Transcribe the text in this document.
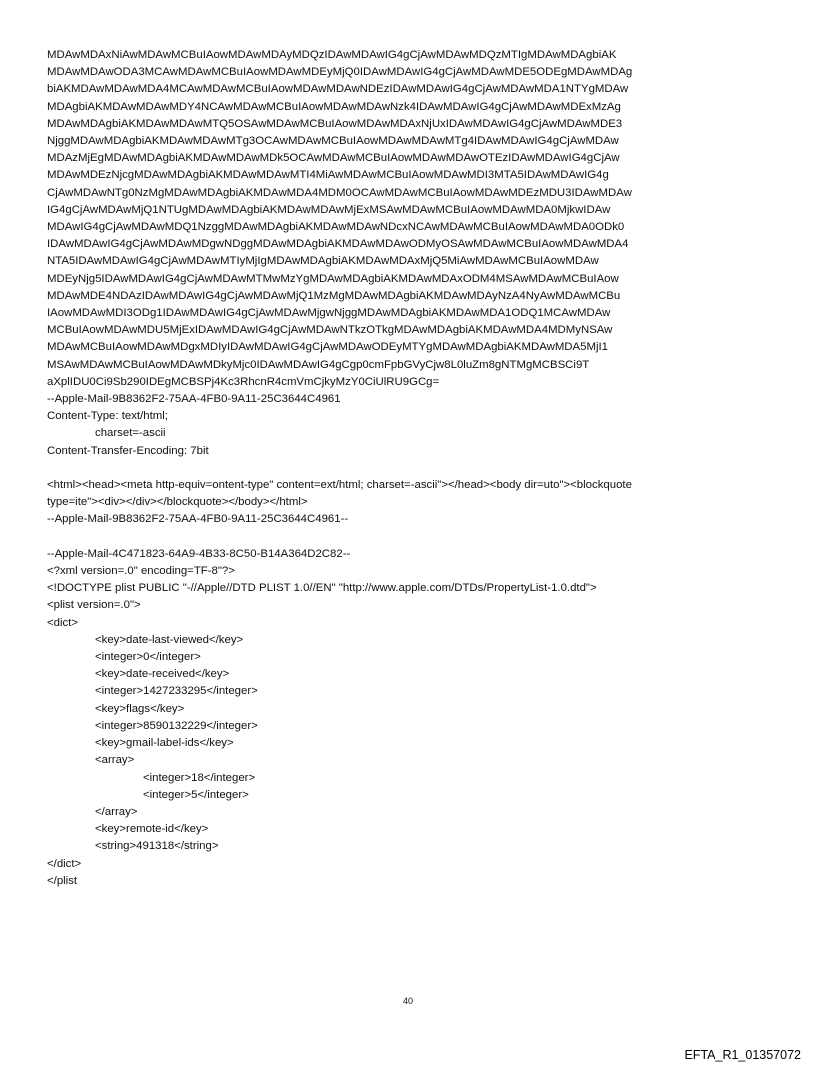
MDAwMDAxNiAwMDAwMCBuIAowMDAwMDAyMDQzIDAwMDAwIG4gCjAwMDAwMDQzMTIgMDAwMDAgbiAK
MDAwMDAwODA3MCAwMDAwMCBuIAowMDAwMDEyMjQ0IDAwMDAwIG4gCjAwMDAwMDE5ODEgMDAwMDAg
biAKMDAwMDAwMDA4MCAwMDAwMCBuIAowMDAwMDAwNDEzIDAwMDAwIG4gCjAwMDAwMDA1NTYgMDAw
MDAgbiAKMDAwMDAwMDY4NCAwMDAwMCBuIAowMDAwMDAwNzk4IDAwMDAwIG4gCjAwMDAwMDExMzAg
MDAwMDAgbiAKMDAwMDAwMTQ5OSAwMDAwMCBuIAowMDAwMDAxNjUxIDAwMDAwIG4gCjAwMDAwMDE3
NjggMDAwMDAgbiAKMDAwMDAwMTg3OCAwMDAwMCBuIAowMDAwMDAwMTg4IDAwMDAwIG4gCjAwMDAw
MDAzMjEgMDAwMDAgbiAKMDAwMDAwMDk5OCAwMDAwMCBuIAowMDAwMDAwOTEzIDAwMDAwIG4gCjAw
MDAwMDEzNjcgMDAwMDAgbiAKMDAwMDAwMTI4MiAwMDAwMCBuIAowMDAwMDI3MTA5IDAwMDAwIG4g
CjAwMDAwNTg0NzMgMDAwMDAgbiAKMDAwMDA4MDM0OCAwMDAwMCBuIAowMDAwMDEzMDU3IDAwMDAw
IG4gCjAwMDAwMjQ1NTUgMDAwMDAgbiAKMDAwMDAwMjExMSAwMDAwMCBuIAowMDAwMDA0MjkwIDAw
MDAwIG4gCjAwMDAwMDQ1NzggMDAwMDAgbiAKMDAwMDAwNDcxNCAwMDAwMCBuIAowMDAwMDA0ODk0
IDAwMDAwIG4gCjAwMDAwMDgwNDggMDAwMDAgbiAKMDAwMDAwODMyOSAwMDAwMCBuIAowMDAwMDA4
NTA5IDAwMDAwIG4gCjAwMDAwMTIyMjIgMDAwMDAgbiAKMDAwMDAxMjQ5MiAwMDAwMCBuIAowMDAw
MDEyNjg5IDAwMDAwIG4gCjAwMDAwMTMwMzYgMDAwMDAgbiAKMDAwMDAxODM4MSAwMDAwMCBuIAow
MDAwMDE4NDAzIDAwMDAwIG4gCjAwMDAwMjQ1MzMgMDAwMDAgbiAKMDAwMDAyNzA4NyAwMDAwMCBu
IAowMDAwMDI3ODg1IDAwMDAwIG4gCjAwMDAwMjgwNjggMDAwMDAgbiAKMDAwMDA1ODQ1MCAwMDAw
MCBuIAowMDAwMDU5MjExIDAwMDAwIG4gCjAwMDAwNTkzOTkgMDAwMDAgbiAKMDAwMDA4MDMyNSAw
MDAwMCBuIAowMDAwMDgxMDIyIDAwMDAwIG4gCjAwMDAwODEyMTYgMDAwMDAgbiAKMDAwMDA5MjI1
MSAwMDAwMCBuIAowMDAwMDkyMjc0IDAwMDAwIG4gCgp0cmFpbGVyCjw8L0luZm8gNTMgMCBSCi9T
aXplIDU0Ci9Sb290IDEgMCBSPj4Kc3RhcnR4cmVmCjkyMzY0CiUlRU9GCg=
--Apple-Mail-9B8362F2-75AA-4FB0-9A11-25C3644C4961
Content-Type: text/html;
charset=-ascii
Content-Transfer-Encoding: 7bit
<html><head><meta http-equiv=ontent-type" content=ext/html; charset=-ascii"></head><body dir=uto"><blockquote
type=ite"><div></div></blockquote></body></html>
--Apple-Mail-9B8362F2-75AA-4FB0-9A11-25C3644C4961--
--Apple-Mail-4C471823-64A9-4B33-8C50-B14A364D2C82--
<?xml version=.0" encoding=TF-8"?>
<!DOCTYPE plist PUBLIC "-//Apple//DTD PLIST 1.0//EN" "http://www.apple.com/DTDs/PropertyList-1.0.dtd">
<plist version=.0">
<dict>
<key>date-last-viewed</key>
<integer>0</integer>
<key>date-received</key>
<integer>1427233295</integer>
<key>flags</key>
<integer>8590132229</integer>
<key>gmail-label-ids</key>
<array>
<integer>18</integer>
<integer>5</integer>
</array>
<key>remote-id</key>
<string>491318</string>
</dict>
</plist
40
EFTA_R1_01357072
